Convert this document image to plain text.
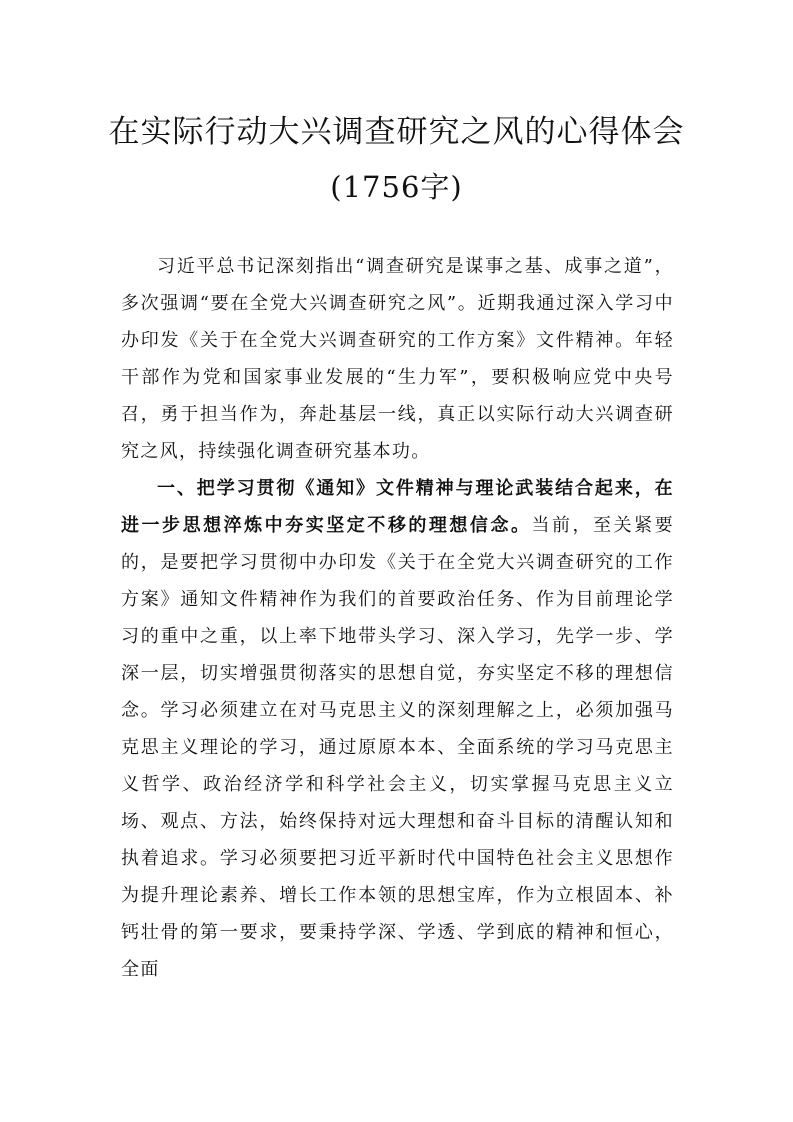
在实际行动大兴调查研究之风的心得体会
(1756字)

习近平总书记深刻指出“调查研究是谋事之基、成事之道”，多次强调“要在全党大兴调查研究之风”。近期我通过深入学习中办印发《关于在全党大兴调查研究的工作方案》文件精神。年轻干部作为党和国家事业发展的“生力军”，要积极响应党中央号召，勇于担当作为，奔赴基层一线，真正以实际行动大兴调查研究之风，持续强化调查研究基本功。

一、把学习贯彻《通知》文件精神与理论武装结合起来，在进一步思想淬炼中夯实坚定不移的理想信念。当前，至关紧要的，是要把学习贯彻中办印发《关于在全党大兴调查研究的工作方案》通知文件精神作为我们的首要政治任务、作为目前理论学习的重中之重，以上率下地带头学习、深入学习，先学一步、学深一层，切实增强贯彻落实的思想自觉，夯实坚定不移的理想信念。学习必须建立在对马克思主义的深刻理解之上，必须加强马克思主义理论的学习，通过原原本本、全面系统的学习马克思主义哲学、政治经济学和科学社会主义，切实掌握马克思主义立场、观点、方法，始终保持对远大理想和奋斗目标的清醒认知和执着追求。学习必须要把习近平新时代中国特色社会主义思想作为提升理论素养、增长工作本领的思想宝库，作为立根固本、补钙壮骨的第一要求，要秉持学深、学透、学到底的精神和恒心，全面
